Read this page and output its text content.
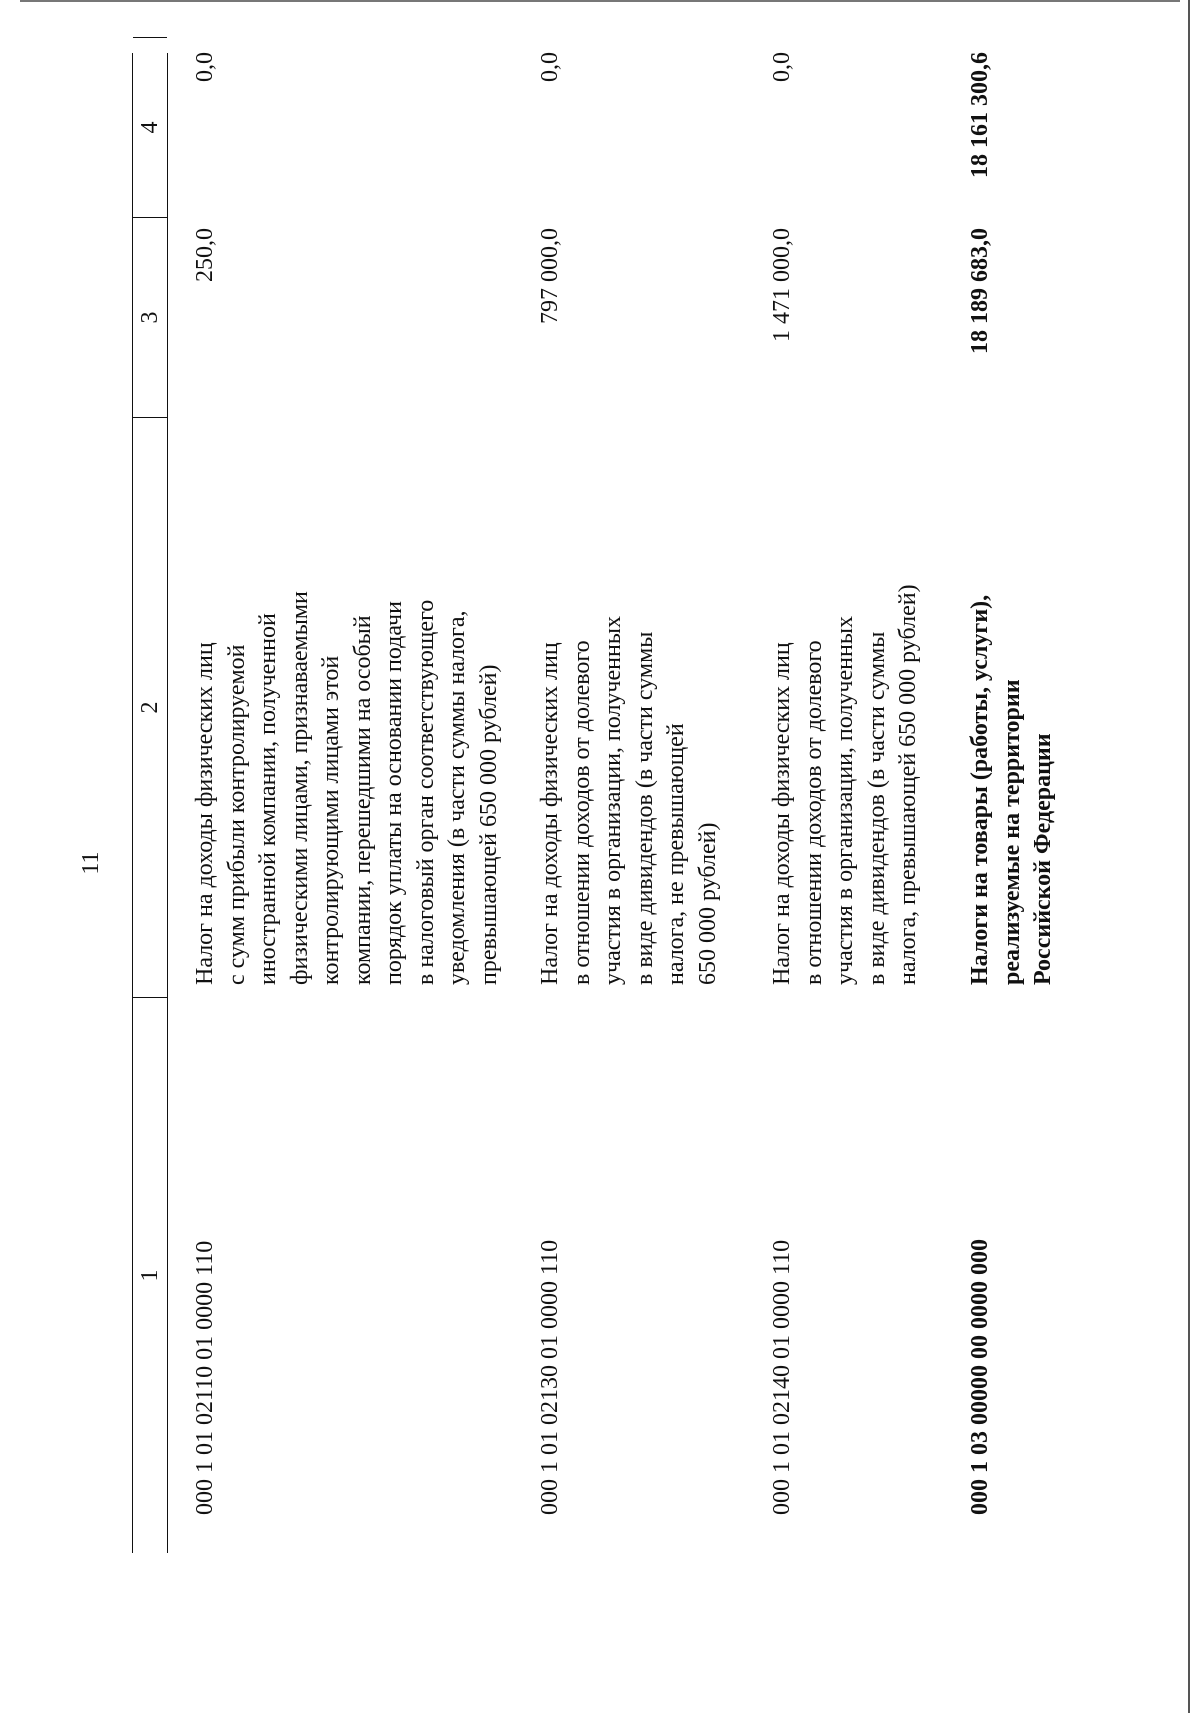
11
1
2
3
4
000 1 01 02110 01 0000 110
Налог на доходы физических лиц с сумм прибыли контролируемой иностранной компании, полученной физическими лицами, признаваемыми контролирующими лицами этой компании, перешедшими на особый порядок уплаты на основании подачи в налоговый орган соответствующего уведомления (в части суммы налога, превышающей 650 000 рублей)
250,0
0,0
000 1 01 02130 01 0000 110
Налог на доходы физических лиц в отношении доходов от долевого участия в организации, полученных в виде дивидендов (в части суммы налога, не превышающей 650 000 рублей)
797 000,0
0,0
000 1 01 02140 01 0000 110
Налог на доходы физических лиц в отношении доходов от долевого участия в организации, полученных в виде дивидендов (в части суммы налога, превышающей 650 000 рублей)
1 471 000,0
0,0
000 1 03 00000 00 0000 000
Налоги на товары (работы, услуги), реализуемые на территории Российской Федерации
18 189 683,0
18 161 300,6
